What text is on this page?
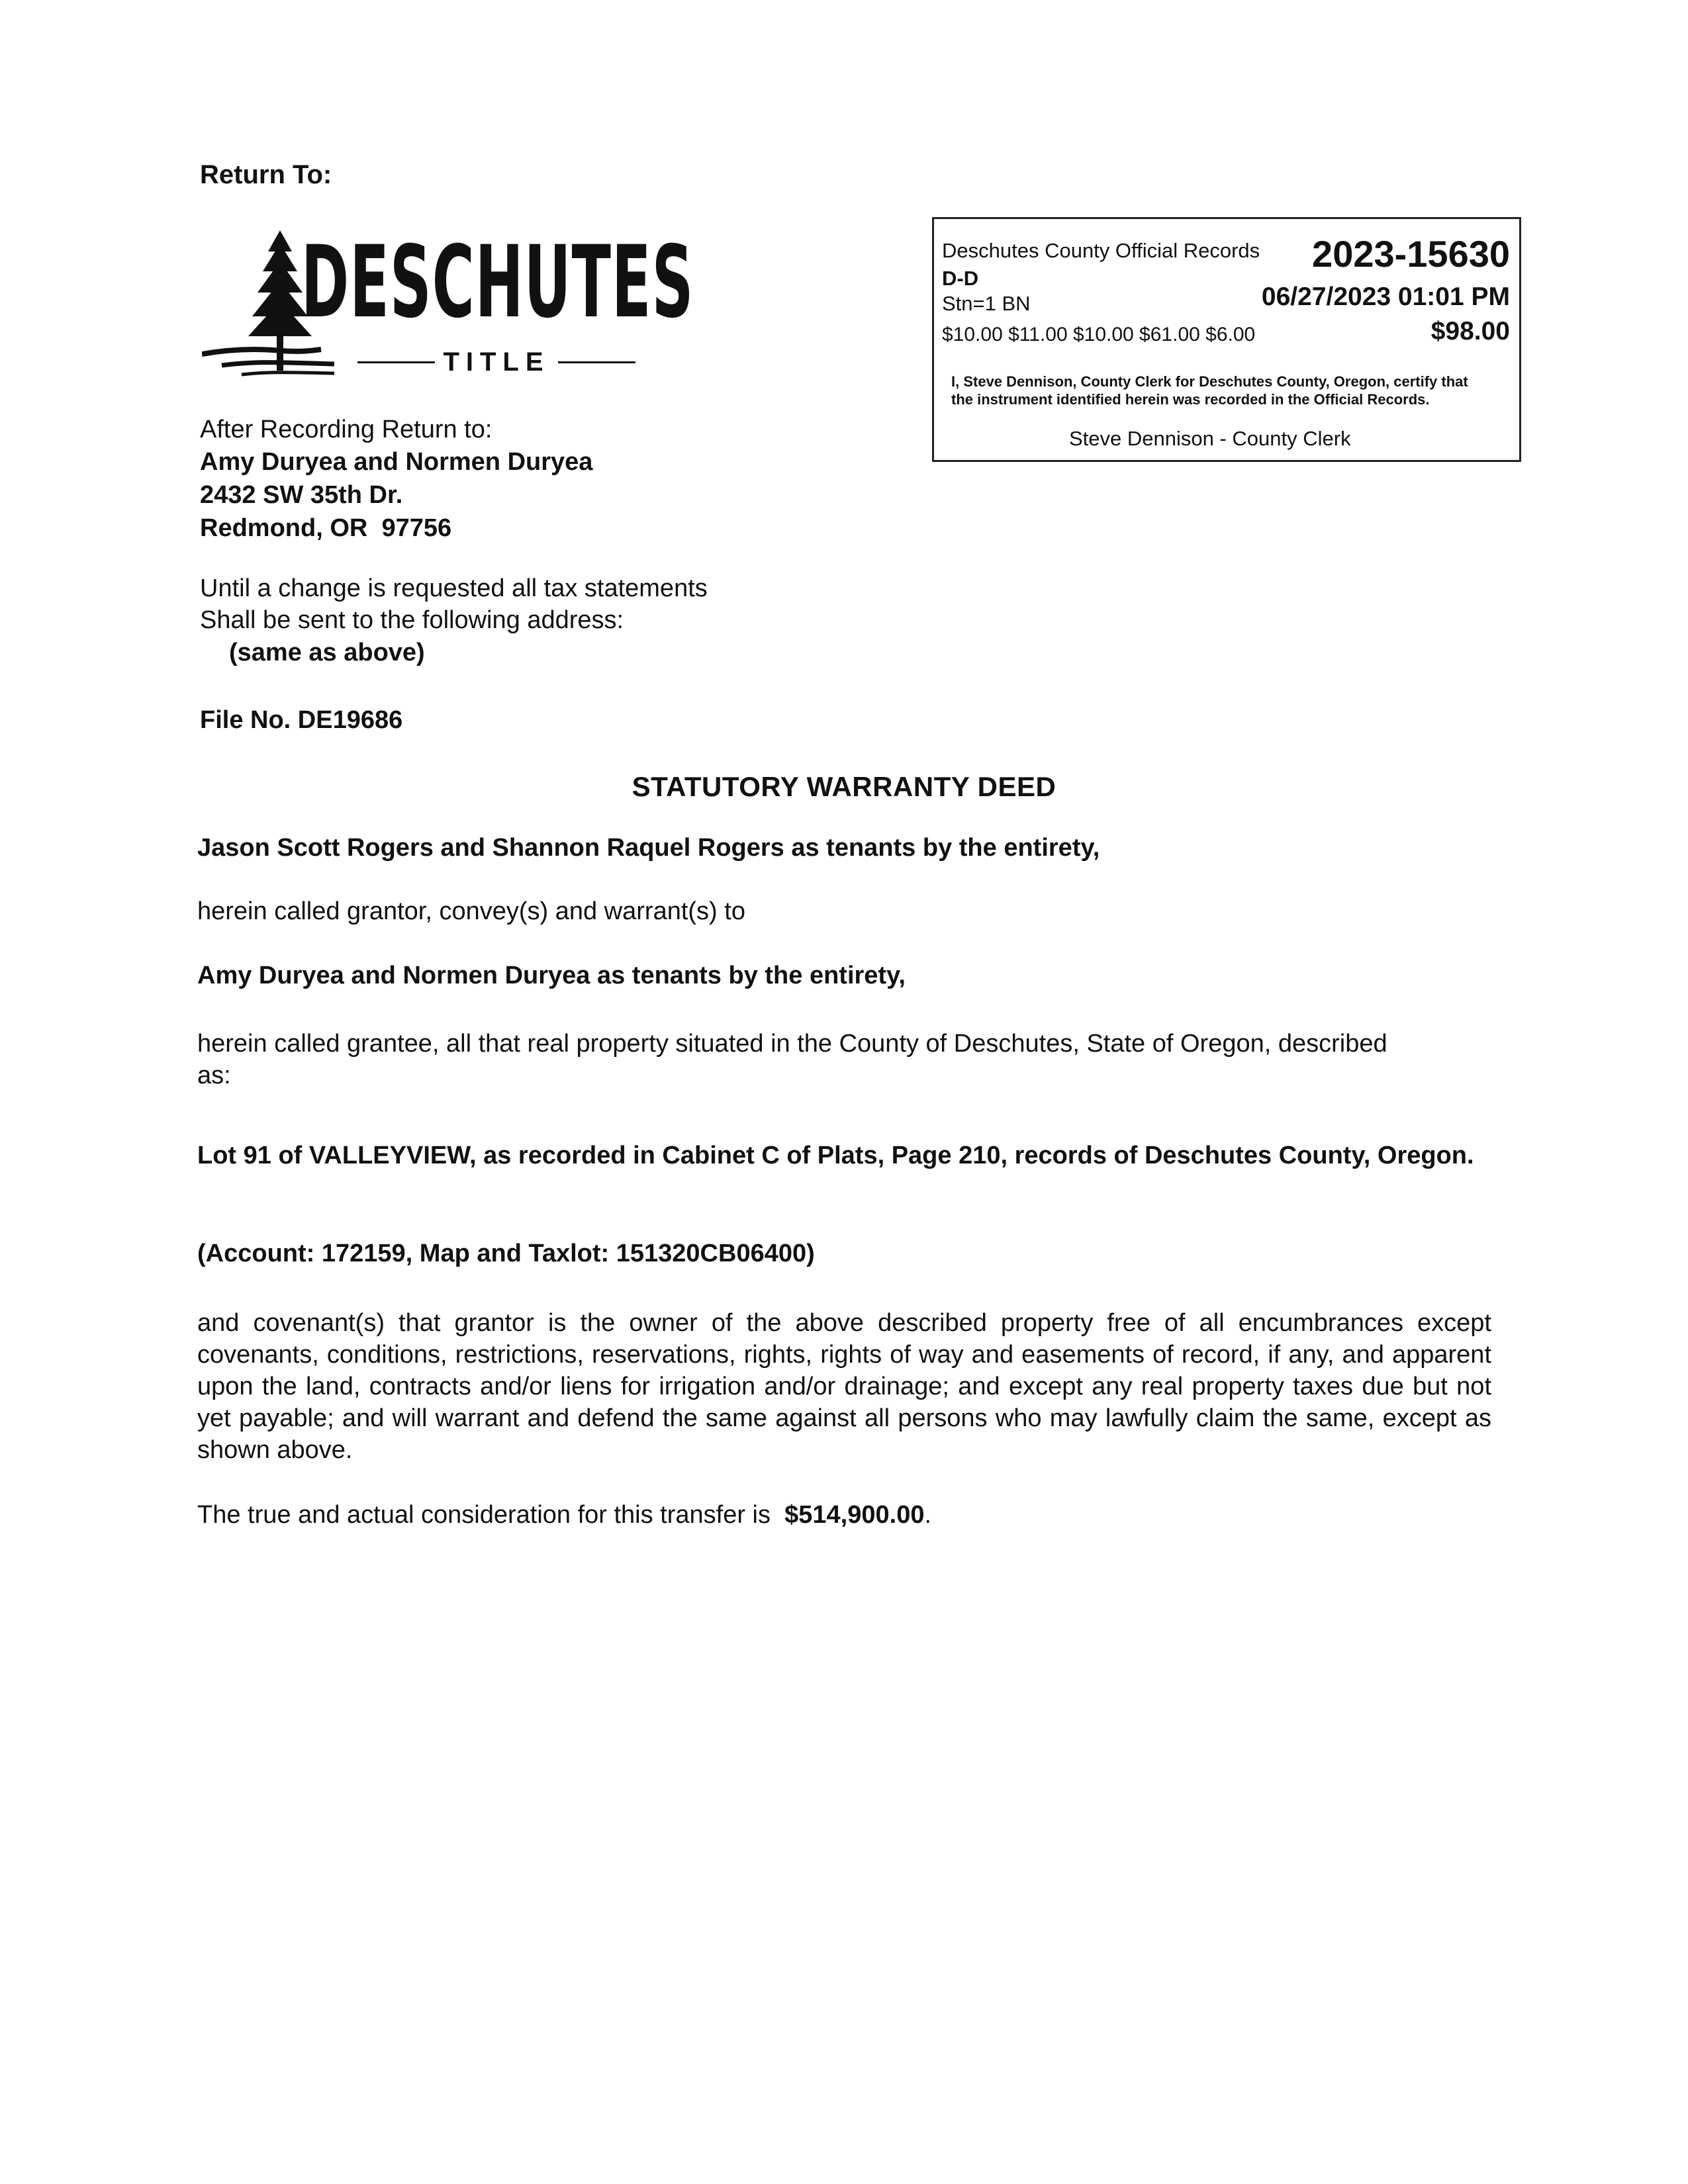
Return To:
DESCHUTES
TITLE
Deschutes County Official Records 2023-15630
D-D
Stn=1 BN	06/27/2023 01:01 PM
$10.00 $11.00 $10.00 $61.00 $6.00	$98.00
I, Steve Dennison, County Clerk for Deschutes County, Oregon, certify that the instrument identified herein was recorded in the Official Records.
Steve Dennison - County Clerk
After Recording Return to:
Amy Duryea and Normen Duryea
2432 SW 35th Dr.
Redmond, OR  97756
Until a change is requested all tax statements
Shall be sent to the following address:
(same as above)
File No. DE19686
STATUTORY WARRANTY DEED
Jason Scott Rogers and Shannon Raquel Rogers as tenants by the entirety,
herein called grantor, convey(s) and warrant(s) to
Amy Duryea and Normen Duryea as tenants by the entirety,
herein called grantee, all that real property situated in the County of Deschutes, State of Oregon, described as:
Lot 91 of VALLEYVIEW, as recorded in Cabinet C of Plats, Page 210, records of Deschutes County, Oregon.
(Account: 172159, Map and Taxlot: 151320CB06400)
and covenant(s) that grantor is the owner of the above described property free of all encumbrances except covenants, conditions, restrictions, reservations, rights, rights of way and easements of record, if any, and apparent upon the land, contracts and/or liens for irrigation and/or drainage; and except any real property taxes due but not yet payable; and will warrant and defend the same against all persons who may lawfully claim the same, except as shown above.
The true and actual consideration for this transfer is $514,900.00.
